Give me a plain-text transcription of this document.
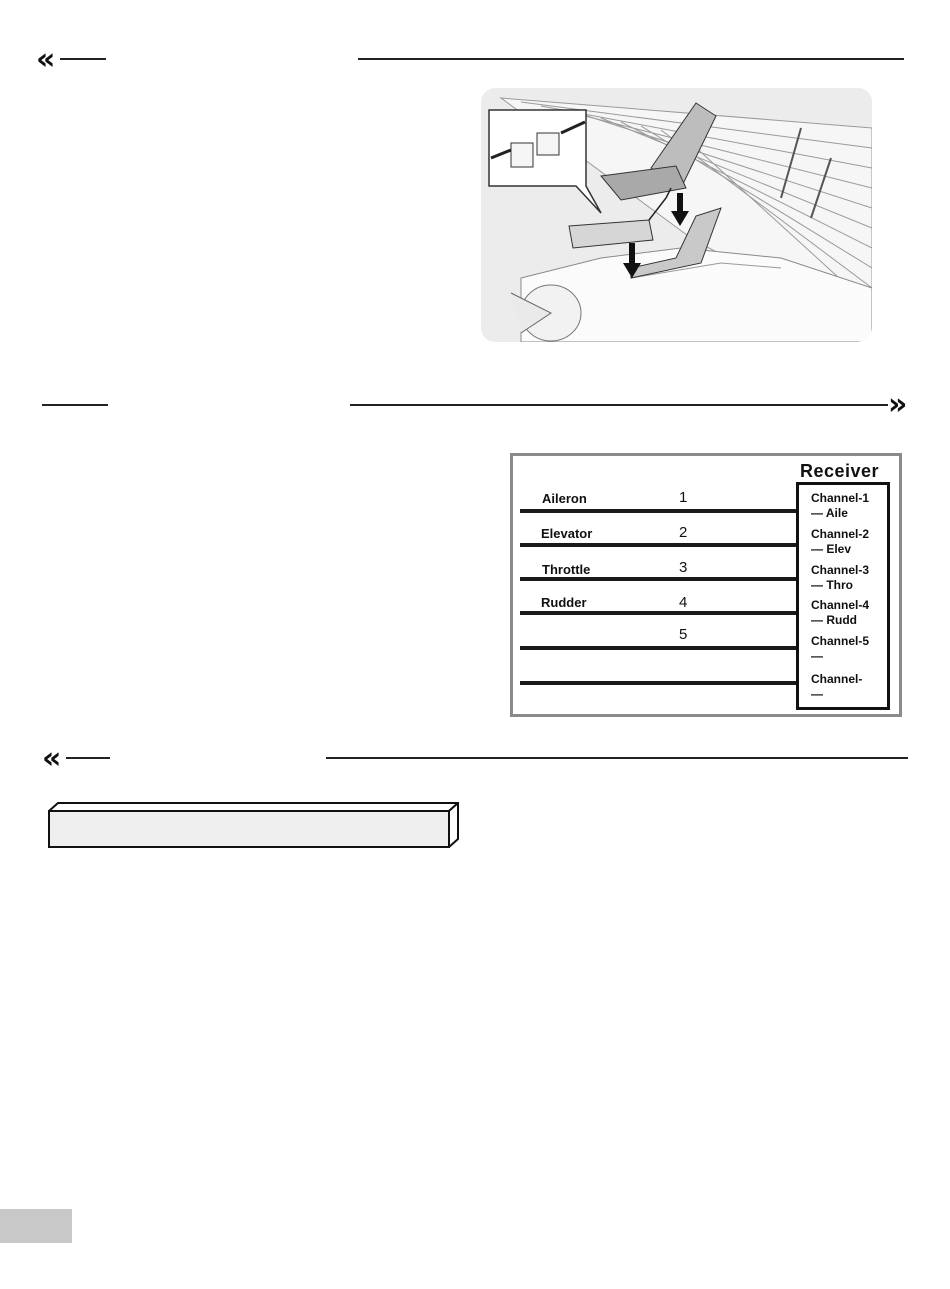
«
»
Receiver
Aileron
Elevator
Throttle
Rudder
1
2
3
4
5
Channel-1
— Aile
Channel-2
— Elev
Channel-3
— Thro
Channel-4
— Rudd
Channel-5
—
Channel-
—
«
